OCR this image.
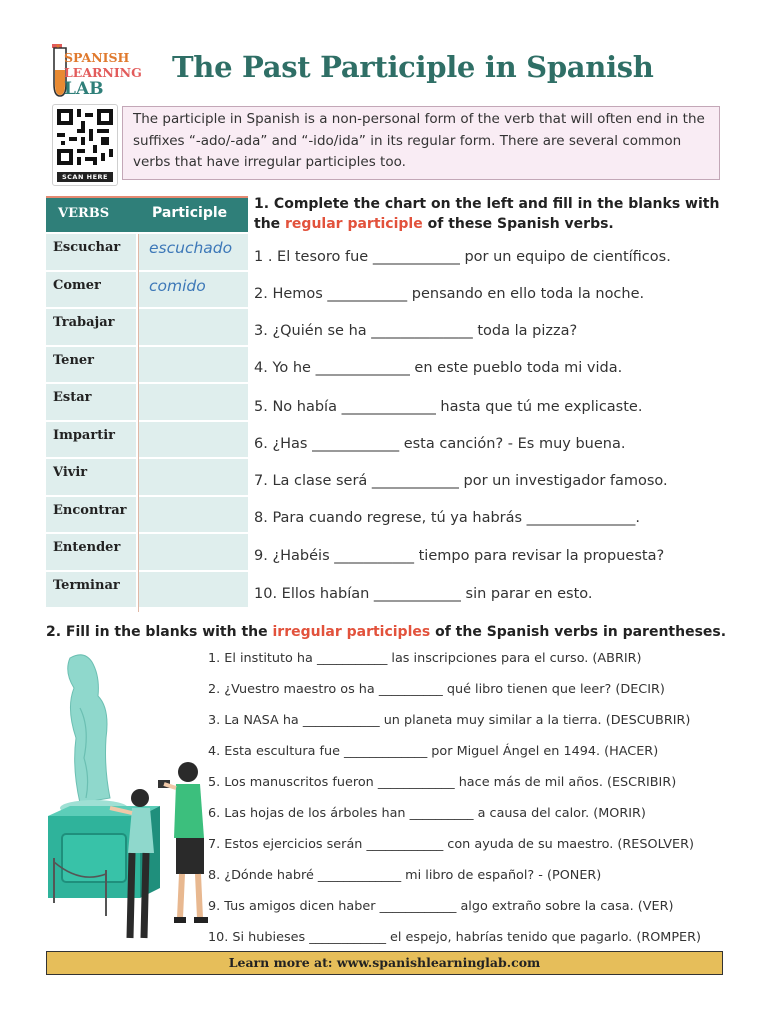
SPANISH
LEARNING
LAB
The Past Participle in Spanish
SCAN HERE
The participle in Spanish is a non-personal form of the verb that will often end in the suffixes “-ado/-ada” and “-ido/ida” in its regular form. There are several common verbs that have irregular participles too.
VERBS	Participle
Escuchar	escuchado
Comer	comido
Trabajar
Tener
Estar
Impartir
Vivir
Encontrar
Entender
Terminar
1. Complete the chart on the left and fill in the blanks with the regular participle of these Spanish verbs.
1 . El tesoro fue ____________ por un equipo de científicos.
2. Hemos ___________ pensando en ello toda la noche.
3. ¿Quién se ha ______________ toda la pizza?
4. Yo he _____________ en este pueblo toda mi vida.
5. No había _____________ hasta que tú me explicaste.
6. ¿Has ____________ esta canción? - Es muy buena.
7. La clase será ____________ por un investigador famoso.
8. Para cuando regrese, tú ya habrás _______________.
9. ¿Habéis ___________ tiempo para revisar la propuesta?
10. Ellos habían ____________ sin parar en esto.
2. Fill in the blanks with the irregular participles of the Spanish verbs in parentheses.
1. El instituto ha ___________ las inscripciones para el curso. (ABRIR)
2. ¿Vuestro maestro os ha __________ qué libro tienen que leer? (DECIR)
3. La NASA ha ____________ un planeta muy similar a la tierra. (DESCUBRIR)
4. Esta escultura fue _____________ por Miguel Ángel en 1494. (HACER)
5. Los manuscritos fueron ____________ hace más de mil años. (ESCRIBIR)
6. Las hojas de los árboles han __________ a causa del calor. (MORIR)
7. Estos ejercicios serán ____________ con ayuda de su maestro. (RESOLVER)
8. ¿Dónde habré _____________ mi libro de español? - (PONER)
9. Tus amigos dicen haber ____________ algo extraño sobre la casa. (VER)
10. Si hubieses ____________ el espejo, habrías tenido que pagarlo. (ROMPER)
Learn more at: www.spanishlearninglab.com
